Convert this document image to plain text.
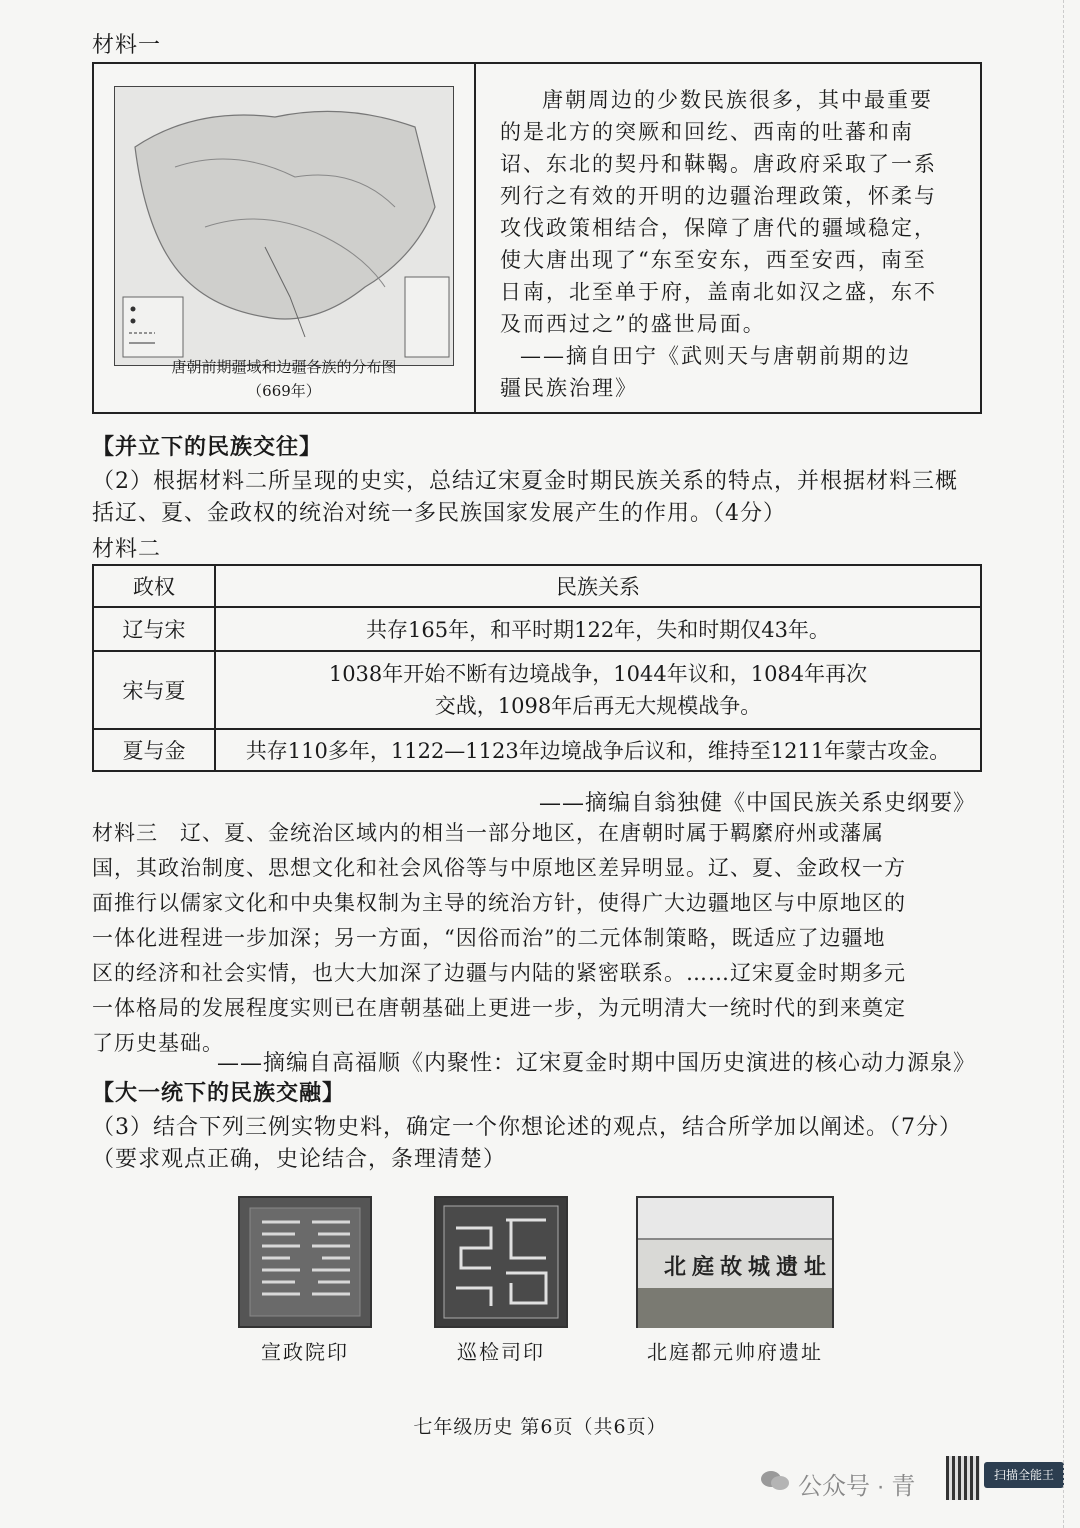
材料一
唐朝前期疆域和边疆各族的分布图
（669年）
唐朝周边的少数民族很多，其中最重要
的是北方的突厥和回纥、西南的吐蕃和南
诏、东北的契丹和靺鞨。唐政府采取了一系
列行之有效的开明的边疆治理政策，怀柔与
攻伐政策相结合，保障了唐代的疆域稳定，
使大唐出现了“东至安东，西至安西，南至
日南，北至单于府，盖南北如汉之盛，东不
及而西过之”的盛世局面。
——摘自田宁《武则天与唐朝前期的边
疆民族治理》
【并立下的民族交往】
（2）根据材料二所呈现的史实，总结辽宋夏金时期民族关系的特点，并根据材料三概
括辽、夏、金政权的统治对统一多民族国家发展产生的作用。（4分）
材料二
政权	民族关系
辽与宋	共存165年，和平时期122年，失和时期仅43年。

宋与夏	1038年开始不断有边境战争，1044年议和，1084年再次
交战，1098年后再无大规模战争。

夏与金	共存110多年，1122—1123年边境战争后议和，维持至1211年蒙古攻金。
——摘编自翁独健《中国民族关系史纲要》
材料三　辽、夏、金统治区域内的相当一部分地区，在唐朝时属于羁縻府州或藩属
国，其政治制度、思想文化和社会风俗等与中原地区差异明显。辽、夏、金政权一方
面推行以儒家文化和中央集权制为主导的统治方针，使得广大边疆地区与中原地区的
一体化进程进一步加深；另一方面，“因俗而治”的二元体制策略，既适应了边疆地
区的经济和社会实情，也大大加深了边疆与内陆的紧密联系。……辽宋夏金时期多元
一体格局的发展程度实则已在唐朝基础上更进一步，为元明清大一统时代的到来奠定
了历史基础。
——摘编自高福顺《内聚性：辽宋夏金时期中国历史演进的核心动力源泉》
【大一统下的民族交融】
（3）结合下列三例实物史料，确定一个你想论述的观点，结合所学加以阐述。（7分）
（要求观点正确，史论结合，条理清楚）
北庭故城遗址
宣政院印	巡检司印	北庭都元帅府遗址
七年级历史 第6页（共6页）
公众号 · 青	扫描全能王
